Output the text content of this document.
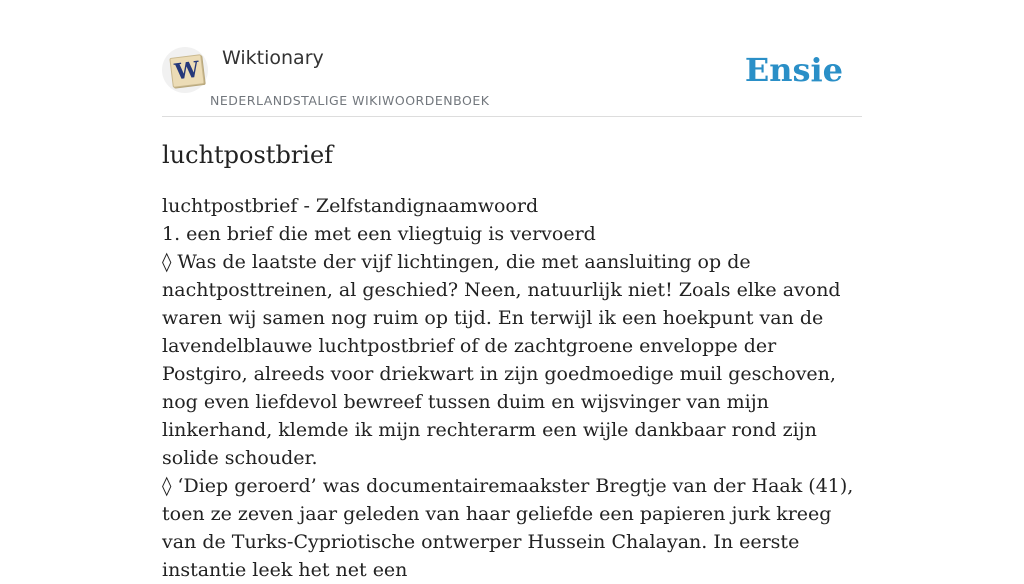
W Wiktionary
NEDERLANDSTALIGE WIKIWOORDENBOEK
Ensie
luchtpostbrief

luchtpostbrief - Zelfstandignaamwoord

1. een brief die met een vliegtuig is vervoerd

◊ Was de laatste der vijf lichtingen, die met aansluiting op de nachtposttreinen, al geschied? Neen, natuurlijk niet! Zoals elke avond waren wij samen nog ruim op tijd. En terwijl ik een hoekpunt van de lavendelblauwe luchtpostbrief of de zachtgroene enveloppe der Postgiro, alreeds voor driekwart in zijn goedmoedige muil geschoven, nog even liefdevol bewreef tussen duim en wijsvinger van mijn linkerhand, klemde ik mijn rechterarm een wijle dankbaar rond zijn solide schouder.

◊ ‘Diep geroerd’ was documentairemaakster Bregtje van der Haak (41), toen ze zeven jaar geleden van haar geliefde een papieren jurk kreeg van de Turks-Cypriotische ontwerper Hussein Chalayan. In eerste instantie leek het net een
